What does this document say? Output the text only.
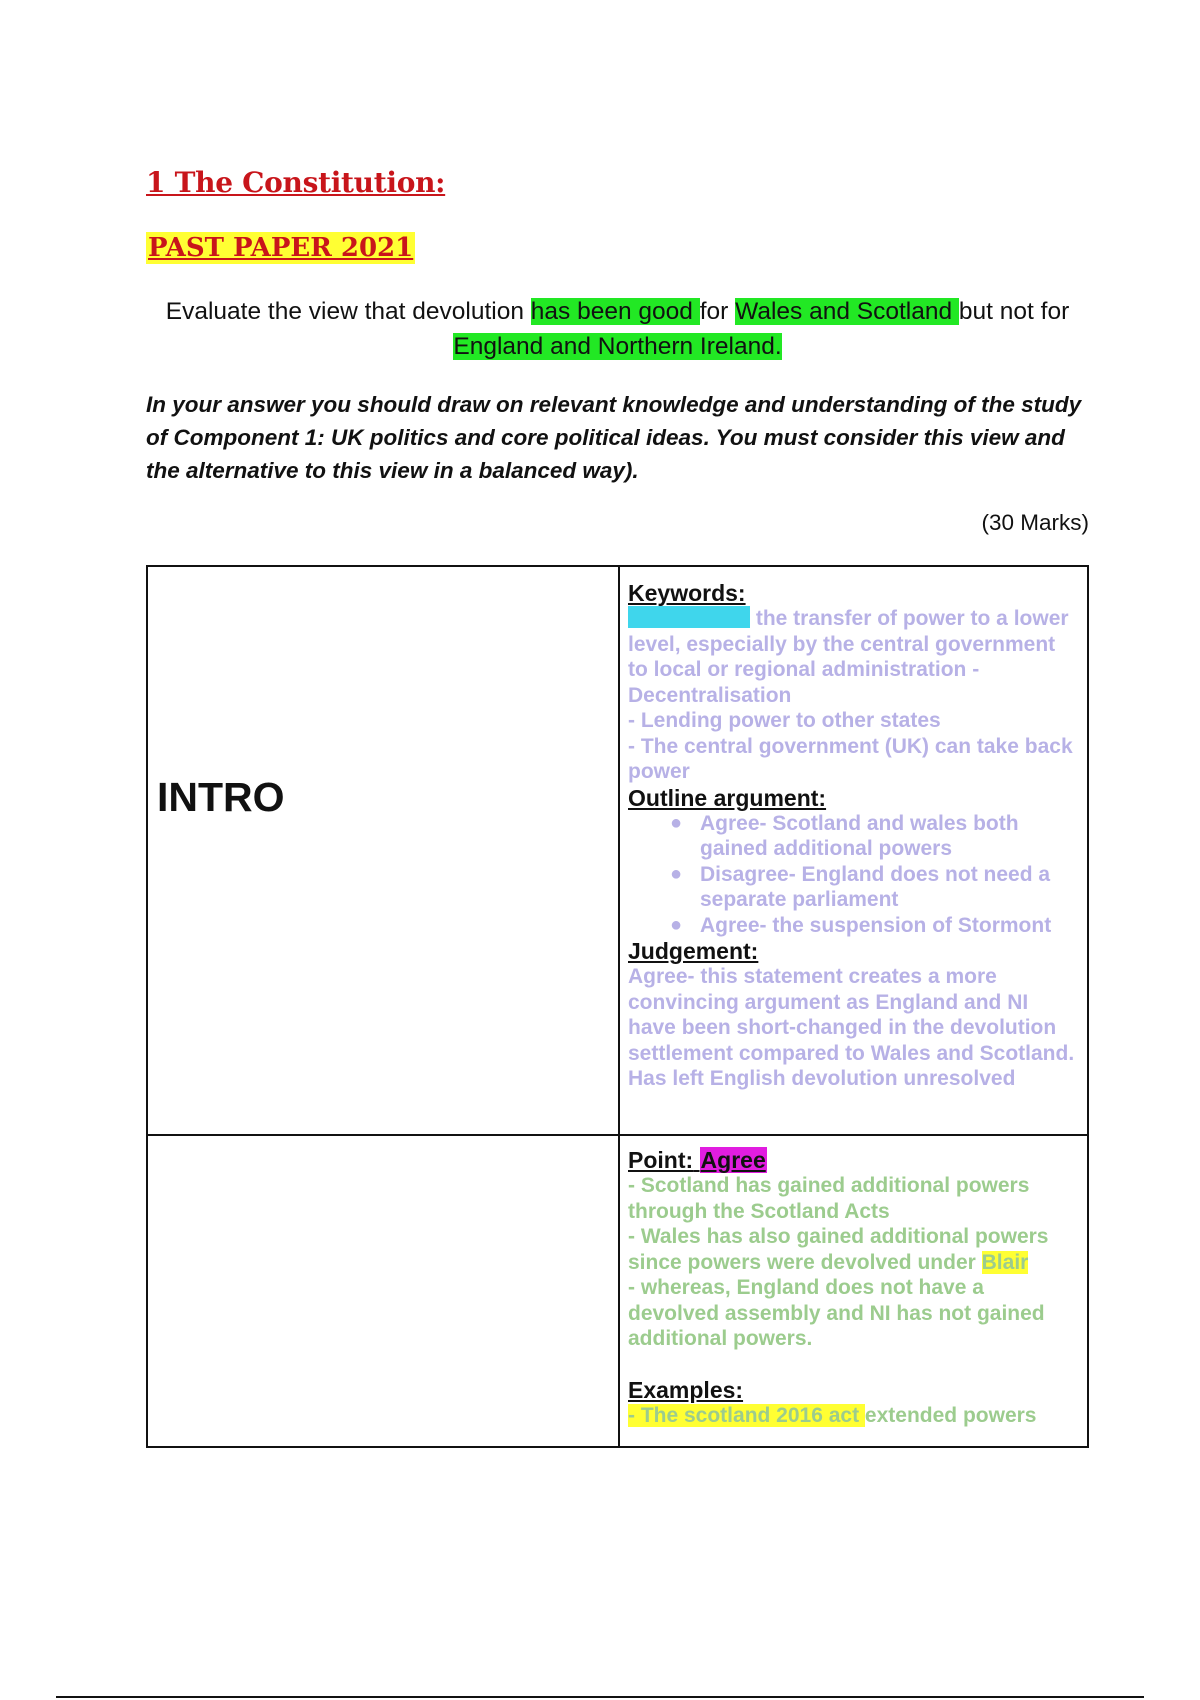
1 The Constitution:
PAST PAPER 2021
Evaluate the view that devolution has been good for Wales and Scotland but not for England and Northern Ireland.
In your answer you should draw on relevant knowledge and understanding of the study of Component 1: UK politics and core political ideas. You must consider this view and the alternative to this view in a balanced way).
(30 Marks)
INTRO
Keywords:
the transfer of power to a lower level, especially by the central government to local or regional administration - Decentralisation
- Lending power to other states
- The central government (UK) can take back power
Outline argument:
● Agree- Scotland and wales both gained additional powers
● Disagree- England does not need a separate parliament
● Agree- the suspension of Stormont
Judgement:
Agree- this statement creates a more convincing argument as England and NI have been short-changed in the devolution settlement compared to Wales and Scotland. Has left English devolution unresolved
Point: Agree
- Scotland has gained additional powers through the Scotland Acts
- Wales has also gained additional powers since powers were devolved under Blair
- whereas, England does not have a devolved assembly and NI has not gained additional powers.
Examples:
- The scotland 2016 act extended powers
